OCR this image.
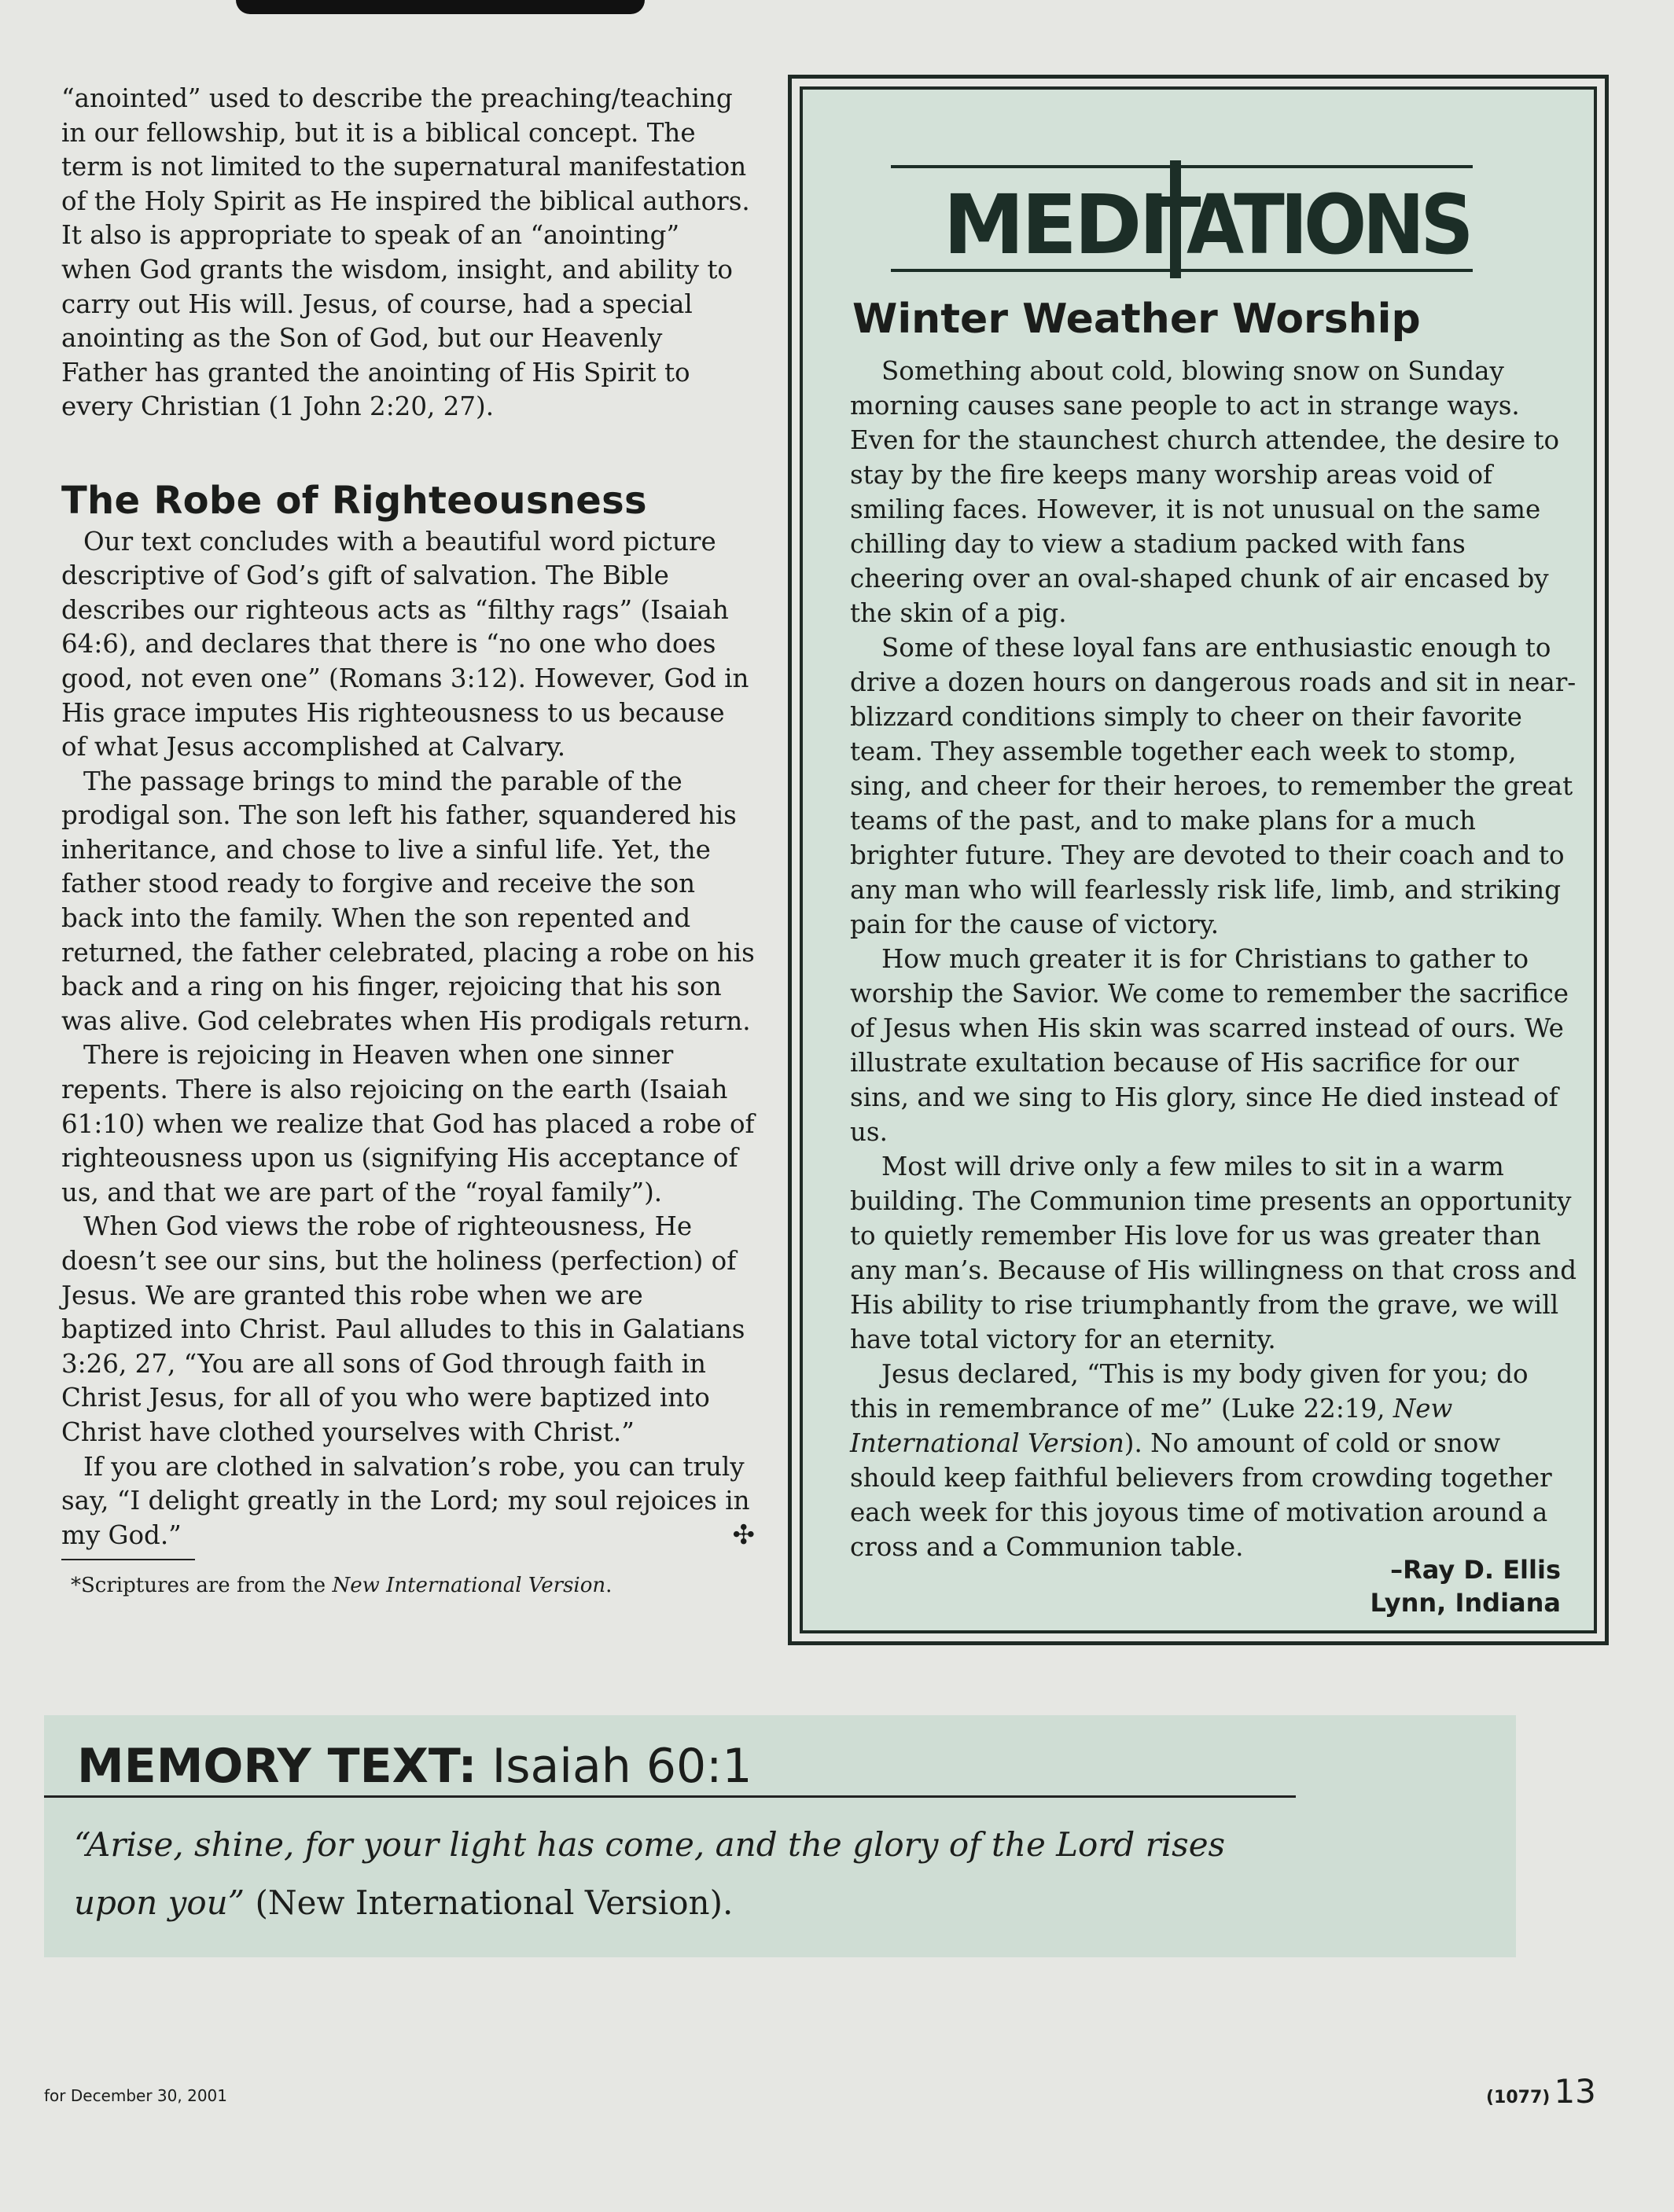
“anointed” used to describe the preaching/teaching in our fellowship, but it is a biblical concept. The term is not limited to the supernatural manifestation of the Holy Spirit as He inspired the biblical authors. It also is appropriate to speak of an “anointing” when God grants the wisdom, insight, and ability to carry out His will. Jesus, of course, had a special anointing as the Son of God, but our Heavenly Father has granted the anointing of His Spirit to every Christian (1 John 2:20, 27).

The Robe of Righteousness

Our text concludes with a beautiful word picture descriptive of God’s gift of salvation. The Bible describes our righteous acts as “filthy rags” (Isaiah 64:6), and declares that there is “no one who does good, not even one” (Romans 3:12). However, God in His grace imputes His righteousness to us because of what Jesus accomplished at Calvary.

The passage brings to mind the parable of the prodigal son. The son left his father, squandered his inheritance, and chose to live a sinful life. Yet, the father stood ready to forgive and receive the son back into the family. When the son repented and returned, the father celebrated, placing a robe on his back and a ring on his finger, rejoicing that his son was alive. God celebrates when His prodigals return.

There is rejoicing in Heaven when one sinner repents. There is also rejoicing on the earth (Isaiah 61:10) when we realize that God has placed a robe of righteousness upon us (signifying His acceptance of us, and that we are part of the “royal family”).

When God views the robe of righteousness, He doesn’t see our sins, but the holiness (perfection) of Jesus. We are granted this robe when we are baptized into Christ. Paul alludes to this in Galatians 3:26, 27, “You are all sons of God through faith in Christ Jesus, for all of you who were baptized into Christ have clothed yourselves with Christ.”

If you are clothed in salvation’s robe, you can truly say, “I delight greatly in the Lord; my soul rejoices in my God.”	✣

*Scriptures are from the New International Version.
MEDI ATIONS
Winter Weather Worship

Something about cold, blowing snow on Sunday morning causes sane people to act in strange ways. Even for the staunchest church attendee, the desire to stay by the fire keeps many worship areas void of smiling faces. However, it is not unusual on the same chilling day to view a stadium packed with fans cheering over an oval-shaped chunk of air encased by the skin of a pig.

Some of these loyal fans are enthusiastic enough to drive a dozen hours on dangerous roads and sit in near-blizzard conditions simply to cheer on their favorite team. They assemble together each week to stomp, sing, and cheer for their heroes, to remember the great teams of the past, and to make plans for a much brighter future. They are devoted to their coach and to any man who will fearlessly risk life, limb, and striking pain for the cause of victory.

How much greater it is for Christians to gather to worship the Savior. We come to remember the sacrifice of Jesus when His skin was scarred instead of ours. We illustrate exultation because of His sacrifice for our sins, and we sing to His glory, since He died instead of us.

Most will drive only a few miles to sit in a warm building. The Communion time presents an opportunity to quietly remember His love for us was greater than any man’s. Because of His willingness on that cross and His ability to rise triumphantly from the grave, we will have total victory for an eternity.

Jesus declared, “This is my body given for you; do this in remembrance of me” (Luke 22:19, New International Version). No amount of cold or snow should keep faithful believers from crowding together each week for this joyous time of motivation around a cross and a Communion table.

–Ray D. Ellis
Lynn, Indiana
MEMORY TEXT: Isaiah 60:1
“Arise, shine, for your light has come, and the glory of the Lord rises upon you” (New International Version).
for December 30, 2001	(1077) 13
